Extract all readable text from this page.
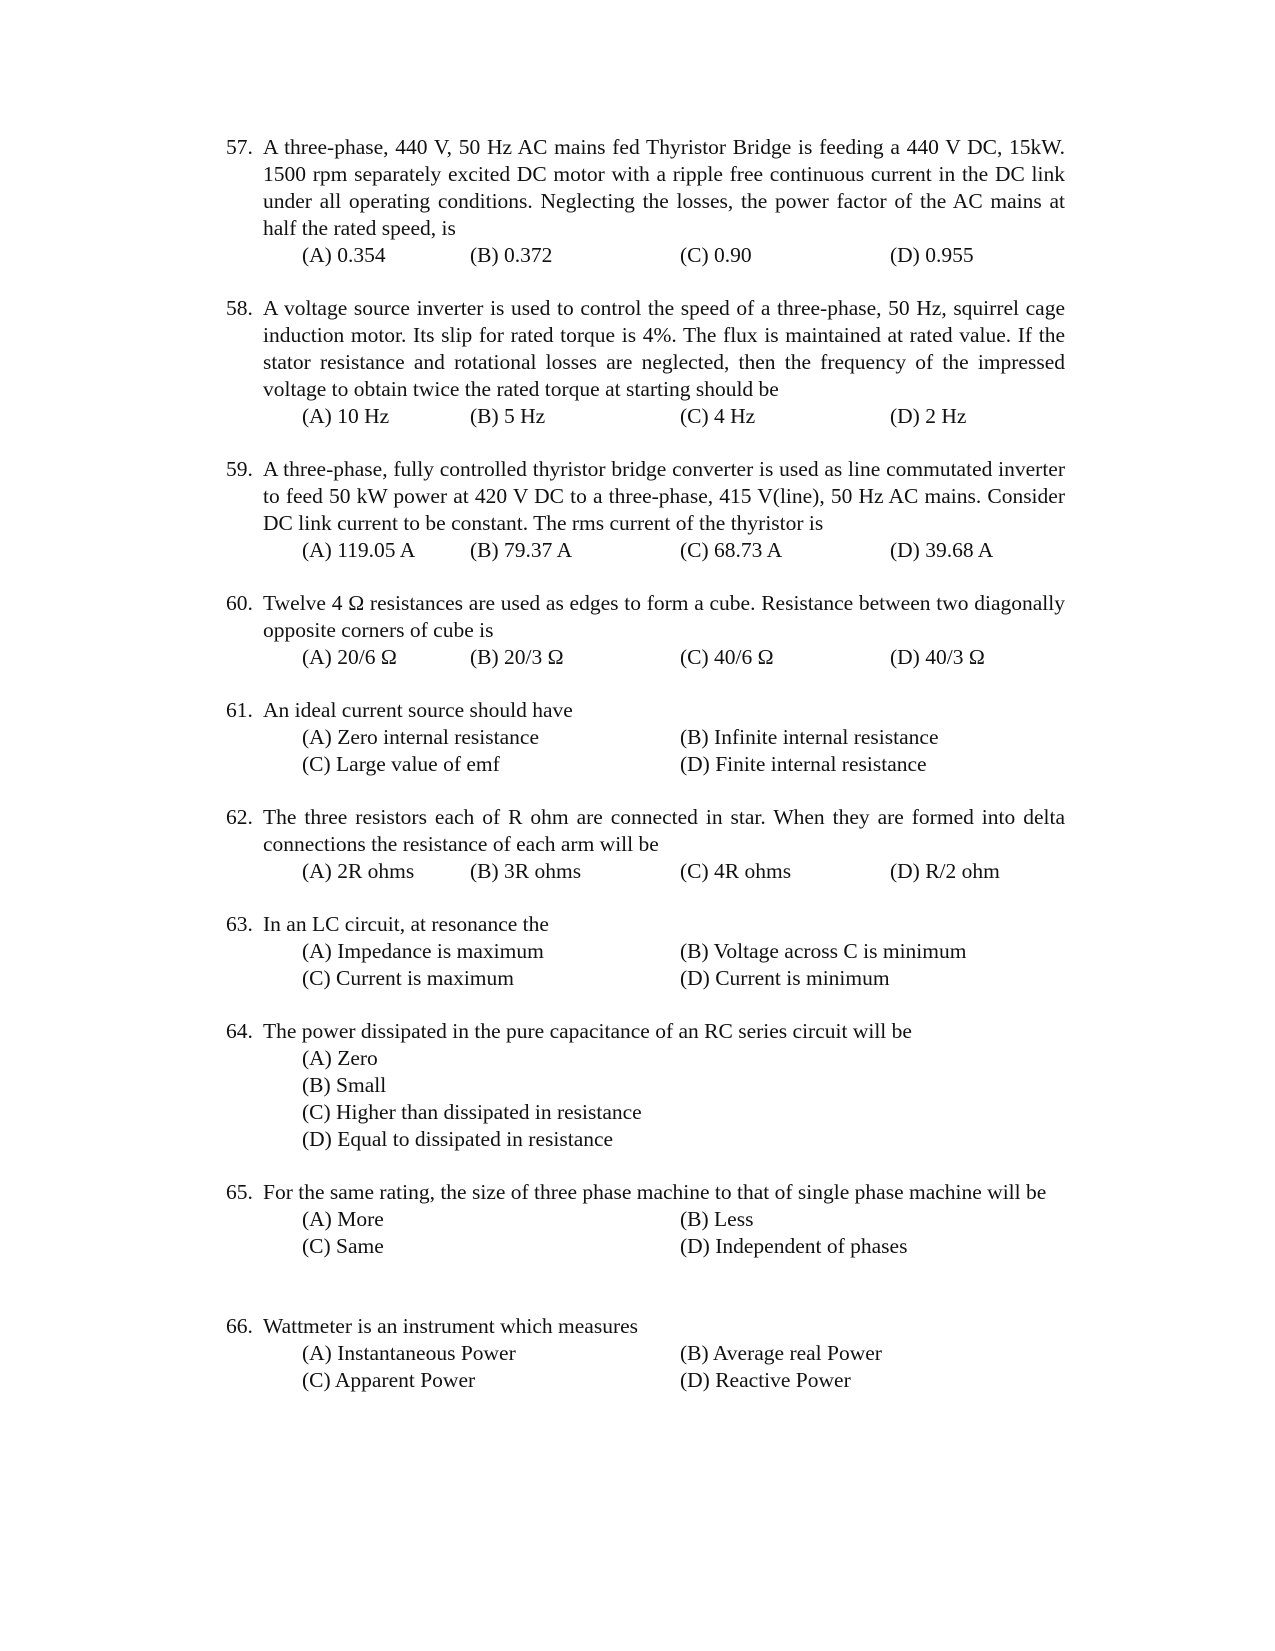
57. A three-phase, 440 V, 50 Hz AC mains fed Thyristor Bridge is feeding a 440 V DC, 15kW. 1500 rpm separately excited DC motor with a ripple free continuous current in the DC link under all operating conditions. Neglecting the losses, the power factor of the AC mains at half the rated speed, is
(A) 0.354	(B) 0.372	(C) 0.90	(D) 0.955
58. A voltage source inverter is used to control the speed of a three-phase, 50 Hz, squirrel cage induction motor. Its slip for rated torque is 4%. The flux is maintained at rated value. If the stator resistance and rotational losses are neglected, then the frequency of the impressed voltage to obtain twice the rated torque at starting should be
(A) 10 Hz	(B) 5 Hz	(C) 4 Hz	(D) 2 Hz
59. A three-phase, fully controlled thyristor bridge converter is used as line commutated inverter to feed 50 kW power at 420 V DC to a three-phase, 415 V(line), 50 Hz AC mains. Consider DC link current to be constant. The rms current of the thyristor is
(A) 119.05 A	(B) 79.37 A	(C) 68.73 A	(D) 39.68 A
60. Twelve 4 Ω resistances are used as edges to form a cube. Resistance between two diagonally opposite corners of cube is
(A) 20/6 Ω	(B) 20/3 Ω	(C) 40/6 Ω	(D) 40/3 Ω
61. An ideal current source should have
(A) Zero internal resistance	(B) Infinite internal resistance
(C) Large value of emf	(D) Finite internal resistance
62. The three resistors each of R ohm are connected in star. When they are formed into delta connections the resistance of each arm will be
(A) 2R ohms	(B) 3R ohms	(C) 4R ohms	(D) R/2 ohm
63. In an LC circuit, at resonance the
(A) Impedance is maximum	(B) Voltage across C is minimum
(C) Current is maximum	(D) Current is minimum
64. The power dissipated in the pure capacitance of an RC series circuit will be
(A) Zero
(B) Small
(C) Higher than dissipated in resistance
(D) Equal to dissipated in resistance
65. For the same rating, the size of three phase machine to that of single phase machine will be
(A) More	(B) Less
(C) Same	(D) Independent of phases
66. Wattmeter is an instrument which measures
(A) Instantaneous Power	(B) Average real Power
(C) Apparent Power	(D) Reactive Power
